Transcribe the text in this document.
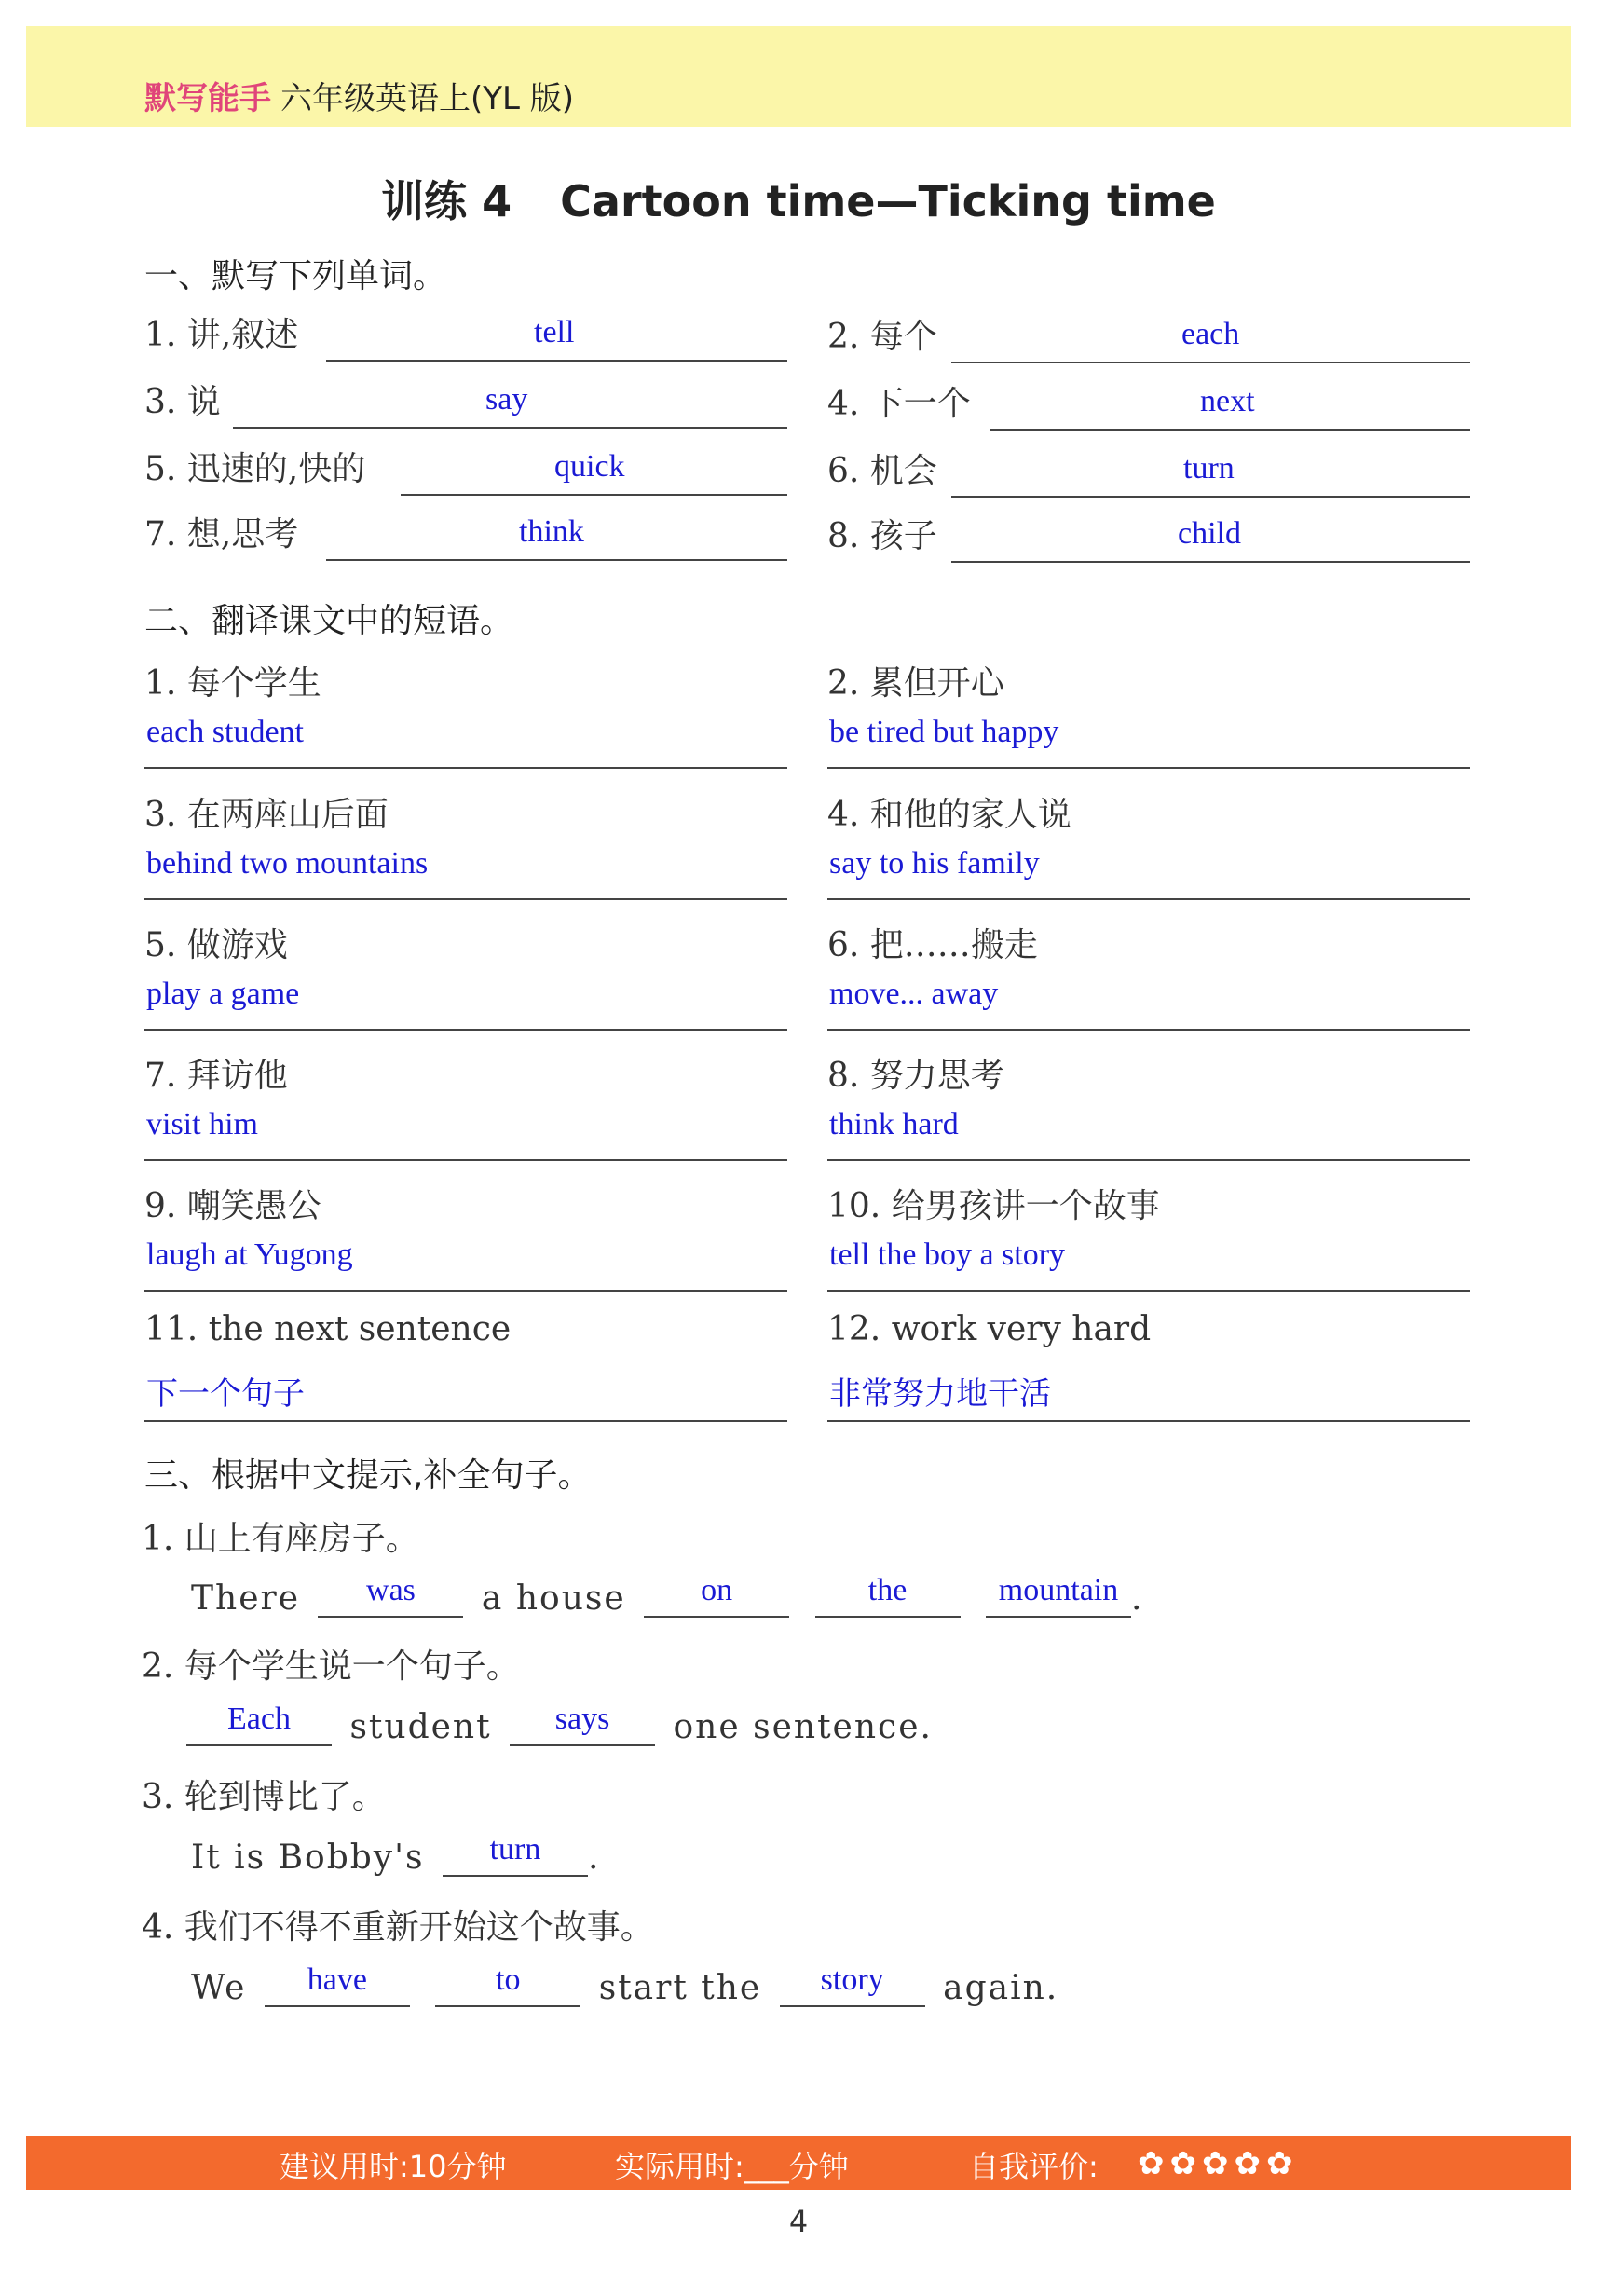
默写能手 六年级英语上(YL 版)
训练 4 Cartoon time—Ticking time
一、默写下列单词。
1. 讲,叙述	tell	2. 每个	each
3. 说	say	4. 下一个	next
5. 迅速的,快的	quick	6. 机会	turn
7. 想,思考	think	8. 孩子	child
二、翻译课文中的短语。
1. 每个学生
each student
2. 累但开心
be tired but happy
3. 在两座山后面
behind two mountains
4. 和他的家人说
say to his family
5. 做游戏
play a game
6. 把……搬走
move... away
7. 拜访他
visit him
8. 努力思考
think hard
9. 嘲笑愚公
laugh at Yugong
10. 给男孩讲一个故事
tell the boy a story
11. the next sentence
下一个句子
12. work very hard
非常努力地干活
三、根据中文提示,补全句子。
1. 山上有座房子。
There	was	a house	on
	the
	mountain .
2. 每个学生说一个句子。
Each	student	says	one sentence.
3. 轮到博比了。
It is Bobby's	turn	.
4. 我们不得不重新开始这个故事。
We	have
	to	start the	story	again.
建议用时:10分钟	实际用时:___分钟	自我评价: ✿✿✿✿✿
4
